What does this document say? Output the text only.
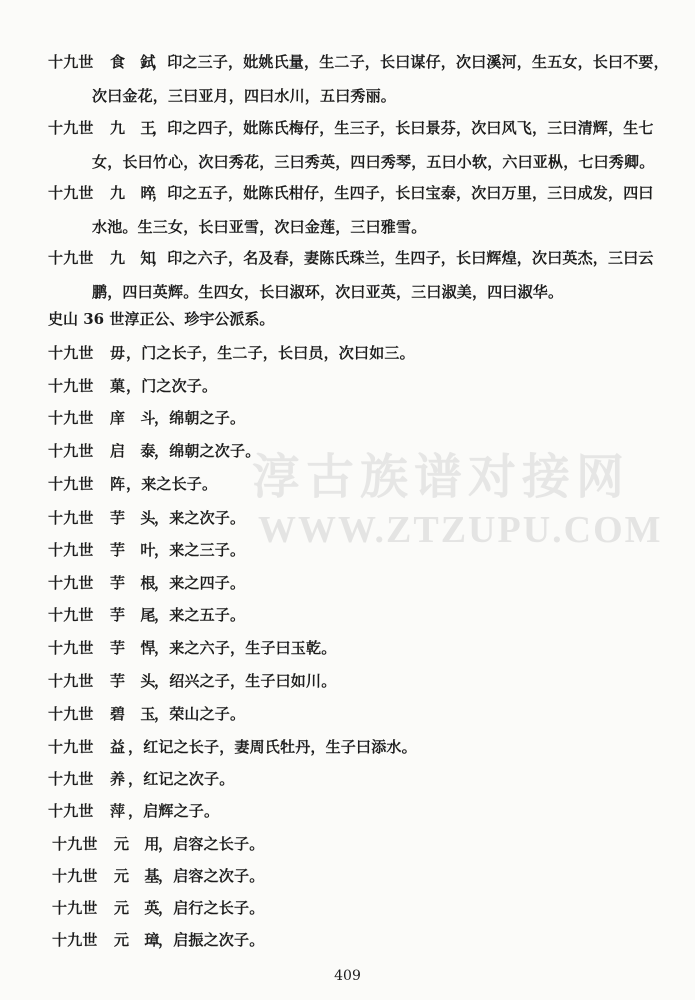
淳古族谱对接网
WWW.ZTZUPU.COM
十九世 食　鉽
，印之三子，妣姚氏量，生二子，长曰谋仔，次曰溪河，生五女，长曰不要，
次曰金花，三曰亚月，四曰水川，五曰秀丽。
十九世 九　王
，印之四子，妣陈氏梅仔，生三子，长曰景芬，次曰风飞，三曰清辉，生七
女，长曰竹心，次曰秀花，三曰秀英，四曰秀琴，五曰小软，六曰亚枞，七曰秀卿。
十九世 九　晬
，印之五子，妣陈氏柑仔，生四子，长曰宝泰，次曰万里，三曰成发，四曰
水池。生三女，长曰亚雪，次曰金莲，三曰雅雪。
十九世 九　知
，印之六子，名及春，妻陈氏珠兰，生四子，长曰辉煌，次曰英杰，三曰云
鹏，四曰英辉。生四女，长曰淑环，次曰亚英，三曰淑美，四曰淑华。
史山 36 世淳正公、珍宇公派系。
十九世 毋 ，门之长子，生二子，长曰员，次曰如三。
十九世 菓 ，门之次子。
十九世 庠　斗
，绵朝之子。
十九世 启　泰
，绵朝之次子。
十九世 阵 ，来之长子。
十九世 芋　头
，来之次子。
十九世 芋　叶
，来之三子。
十九世 芋　根
，来之四子。
十九世 芋　尾
，来之五子。
十九世 芋　悍
，来之六子，生子曰玉乾。
十九世 芋　头
，绍兴之子，生子曰如川。
十九世 碧　玉
，荣山之子。
十九世 益 ，红记之长子，妻周氏牡丹，生子曰添水。
十九世 养 ，红记之次子。
十九世 萍 ，启辉之子。
十九世 元　用
，启容之长子。
十九世 元　基
，启容之次子。
十九世 元　英
，启行之长子。
十九世 元　璋
，启振之次子。
409
